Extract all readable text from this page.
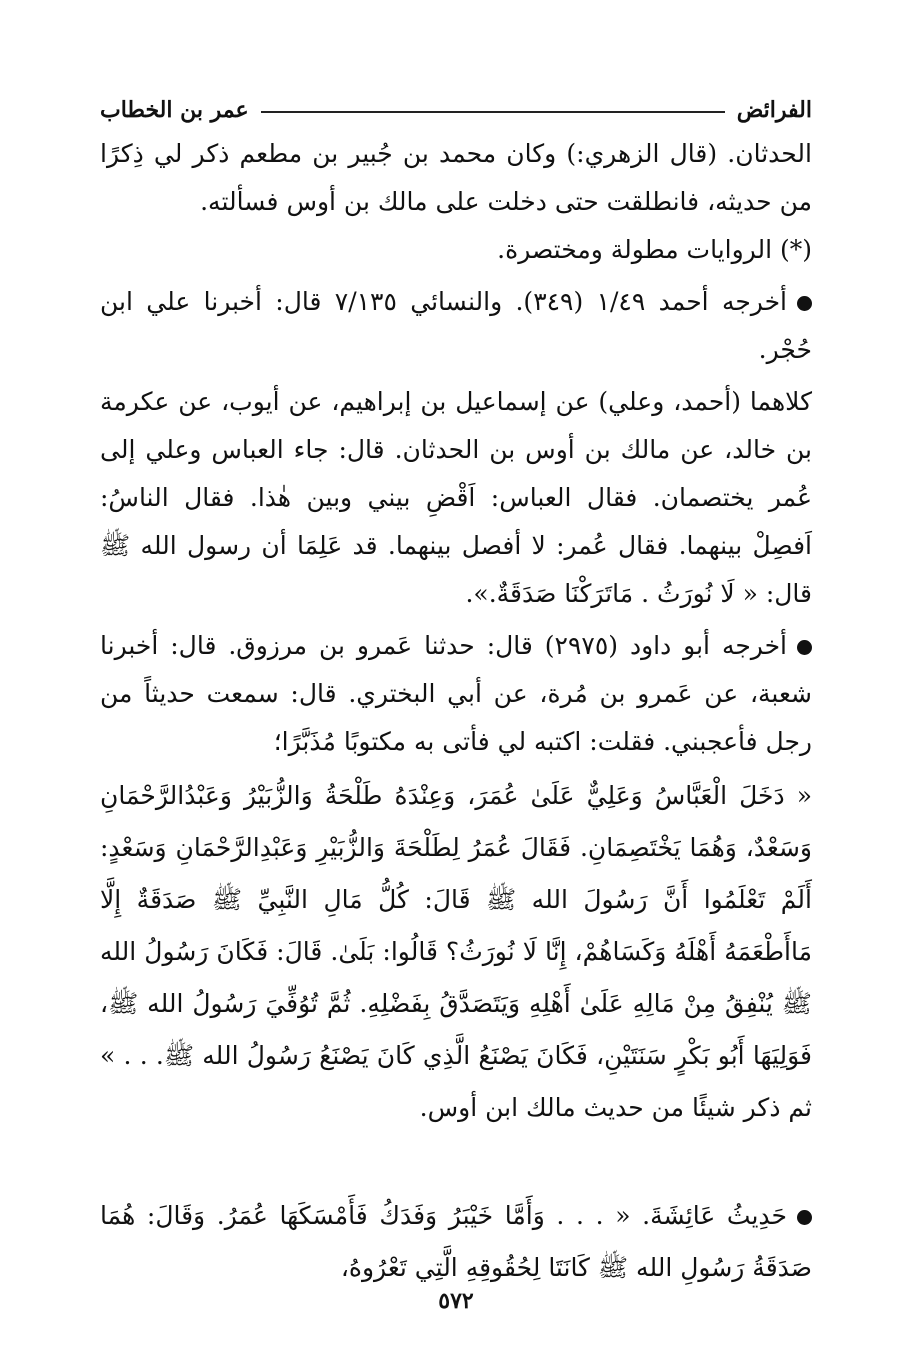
الفرائض
عمر بن الخطاب

الحدثان. (قال الزهري:) وكان محمد بن جُبير بن مطعم ذكر لي ذِكرًا من حديثه، فانطلقت حتى دخلت على مالك بن أوس فسألته.

(*) الروايات مطولة ومختصرة.

أخرجه أحمد ١/٤٩ (٣٤٩). والنسائي ٧/١٣٥ قال: أخبرنا علي ابن حُجْر.

كلاهما (أحمد، وعلي) عن إسماعيل بن إبراهيم، عن أيوب، عن عكرمة بن خالد، عن مالك بن أوس بن الحدثان. قال: جاء العباس وعلي إلى عُمر يختصمان. فقال العباس: اَقْضِ بيني وبين هٰذا. فقال الناسُ: اَفصِلْ بينهما. فقال عُمر: لا أفصل بينهما. قد عَلِمَا أن رسول الله ﷺ قال: « لَا نُورَثُ . مَاتَرَكْنَا صَدَقَةٌ.».

أخرجه أبو داود (٢٩٧٥) قال: حدثنا عَمرو بن مرزوق. قال: أخبرنا شعبة، عن عَمرو بن مُرة، عن أبي البختري. قال: سمعت حديثاً من رجل فأعجبني. فقلت: اكتبه لي فأتى به مكتوبًا مُذَبَّرًا؛

« دَخَلَ الْعَبَّاسُ وَعَلِيٌّ عَلَىٰ عُمَرَ، وَعِنْدَهُ طَلْحَةُ وَالزُّبَيْرُ وَعَبْدُالرَّحْمَانِ وَسَعْدٌ، وَهُمَا يَخْتَصِمَانِ. فَقَالَ عُمَرُ لِطَلْحَةَ وَالزُّبَيْرِ وَعَبْدِالرَّحْمَانِ وَسَعْدٍ: أَلَمْ تَعْلَمُوا أَنَّ رَسُولَ الله ﷺ قَالَ: كُلُّ مَالِ النَّبِيِّ ﷺ صَدَقَةٌ إِلَّا مَاأَطْعَمَهُ أَهْلَهُ وَكَسَاهُمْ، إِنَّا لَا نُورَثُ؟ قَالُوا: بَلَىٰ. قَالَ: فَكَانَ رَسُولُ الله ﷺ يُنْفِقُ مِنْ مَالِهِ عَلَىٰ أَهْلِهِ وَيَتَصَدَّقُ بِفَضْلِهِ. ثُمَّ تُوُفِّيَ رَسُولُ الله ﷺ، فَوَلِيَهَا أَبُو بَكْرٍ سَنَتَيْنِ، فَكَانَ يَصْنَعُ الَّذِي كَانَ يَصْنَعُ رَسُولُ الله ﷺ. . . » ثم ذكر شيئًا من حديث مالك ابن أوس.

حَدِيثُ عَائِشَةَ. « . . . وَأَمَّا خَيْبَرُ وَفَدَكُ فَأَمْسَكَهَا عُمَرُ. وَقَالَ: هُمَا صَدَقَةُ رَسُولِ الله ﷺ كَانَتَا لِحُقُوقِهِ الَّتِي تَعْرُوهُ،

٥٧٢
